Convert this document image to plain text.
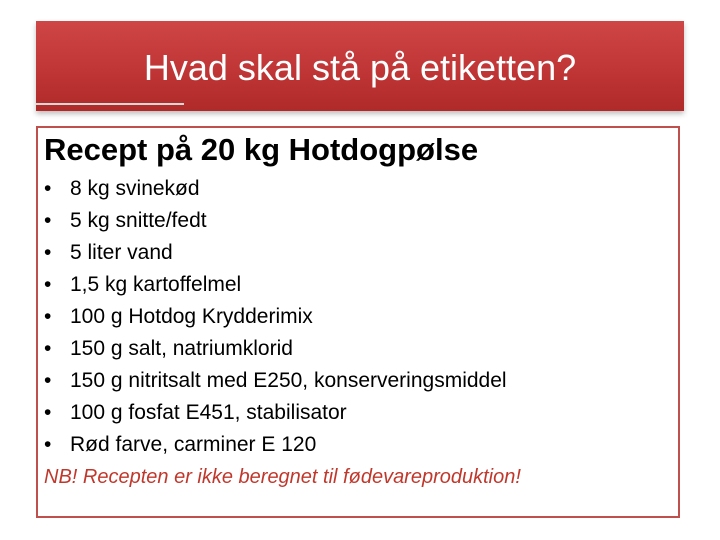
Hvad skal stå på etiketten?
Recept på 20 kg Hotdogpølse
• 8 kg svinekød
• 5 kg snitte/fedt
• 5 liter vand
• 1,5 kg kartoffelmel
• 100 g Hotdog Krydderimix
• 150 g salt, natriumklorid
• 150 g nitritsalt med E250, konserveringsmiddel
• 100 g fosfat E451, stabilisator
• Rød farve, carminer E 120
NB! Recepten er ikke beregnet til fødevareproduktion!
